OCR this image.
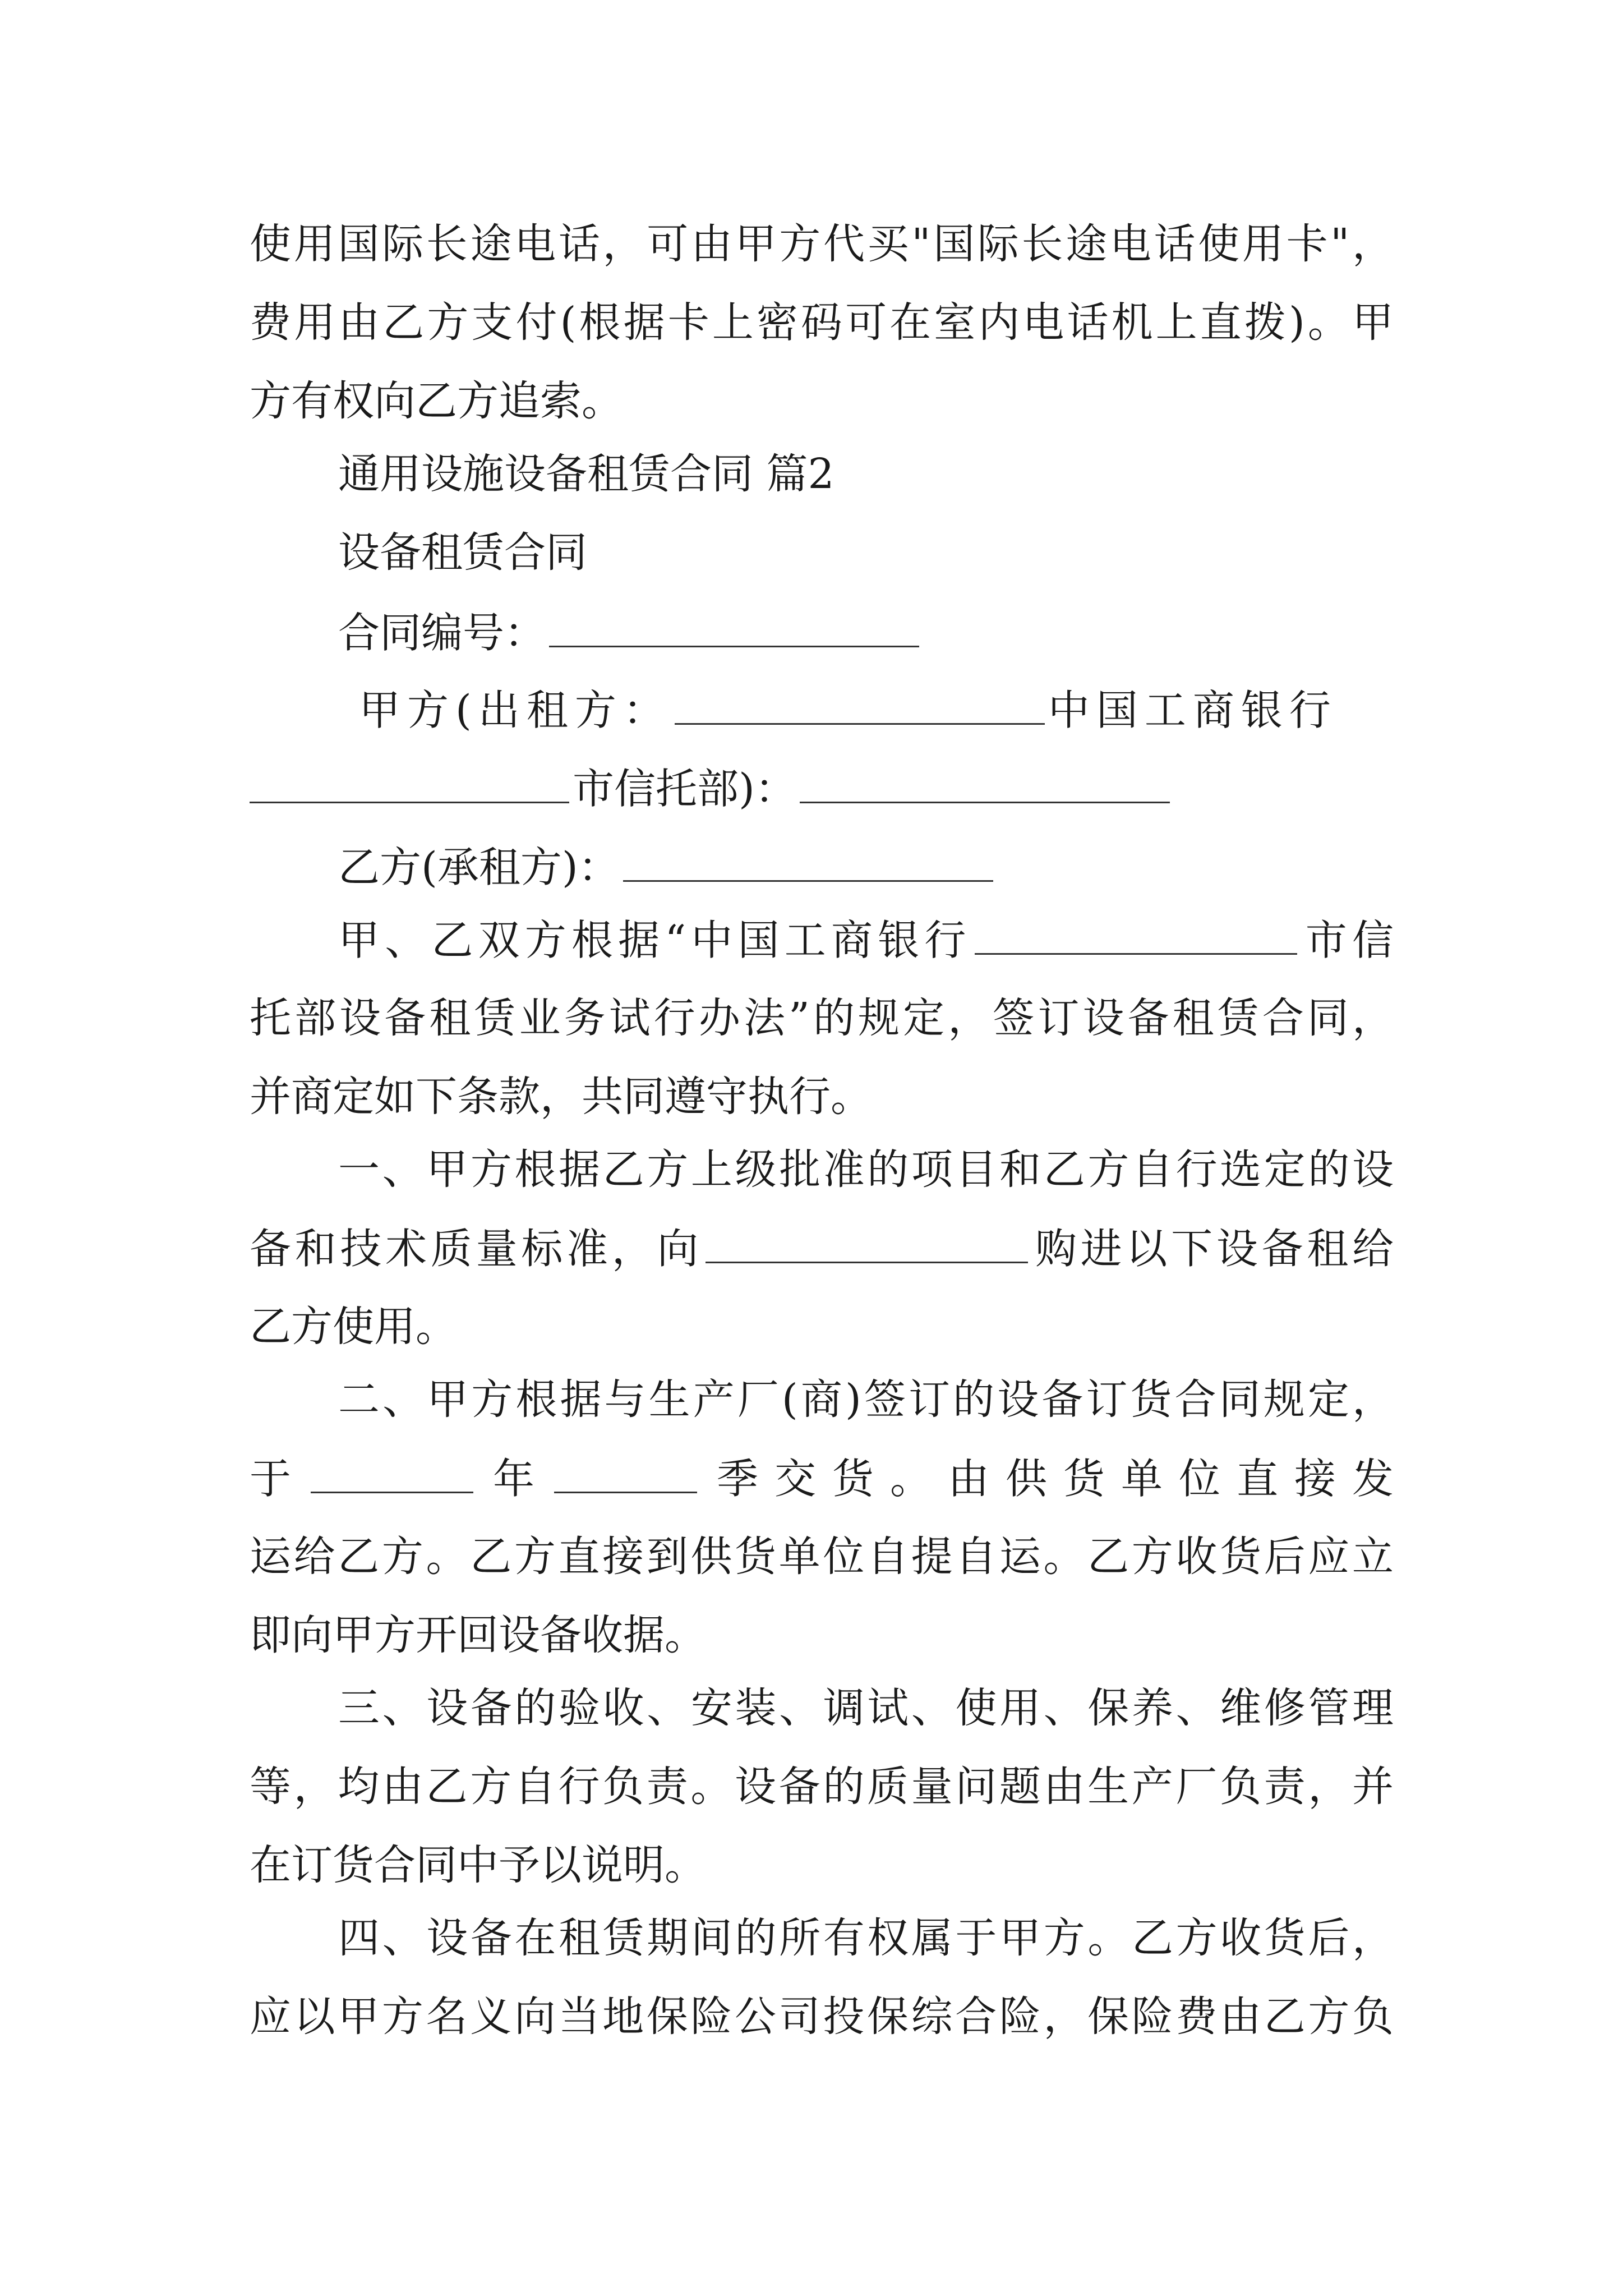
使用国际长途电话，可由甲方代买"国际长途电话使用卡"，
费用由乙方支付(根据卡上密码可在室内电话机上直拨)。甲
方有权向乙方追索。
通用设施设备租赁合同 篇2
设备租赁合同
合同编号：
甲方(出租方：	中国工商银行
市信托部)：
乙方(承租方)：
甲、乙双方根据“中国工商银行	市信
托部设备租赁业务试行办法”的规定，签订设备租赁合同，
并商定如下条款，共同遵守执行。
一、甲方根据乙方上级批准的项目和乙方自行选定的设
备和技术质量标准，向	购进以下设备租给
乙方使用。
二、甲方根据与生产厂(商)签订的设备订货合同规定，
于	年	季交货。由供货单位直接发
运给乙方。乙方直接到供货单位自提自运。乙方收货后应立
即向甲方开回设备收据。
三、设备的验收、安装、调试、使用、保养、维修管理
等，均由乙方自行负责。设备的质量问题由生产厂负责，并
在订货合同中予以说明。
四、设备在租赁期间的所有权属于甲方。乙方收货后，
应以甲方名义向当地保险公司投保综合险，保险费由乙方负
